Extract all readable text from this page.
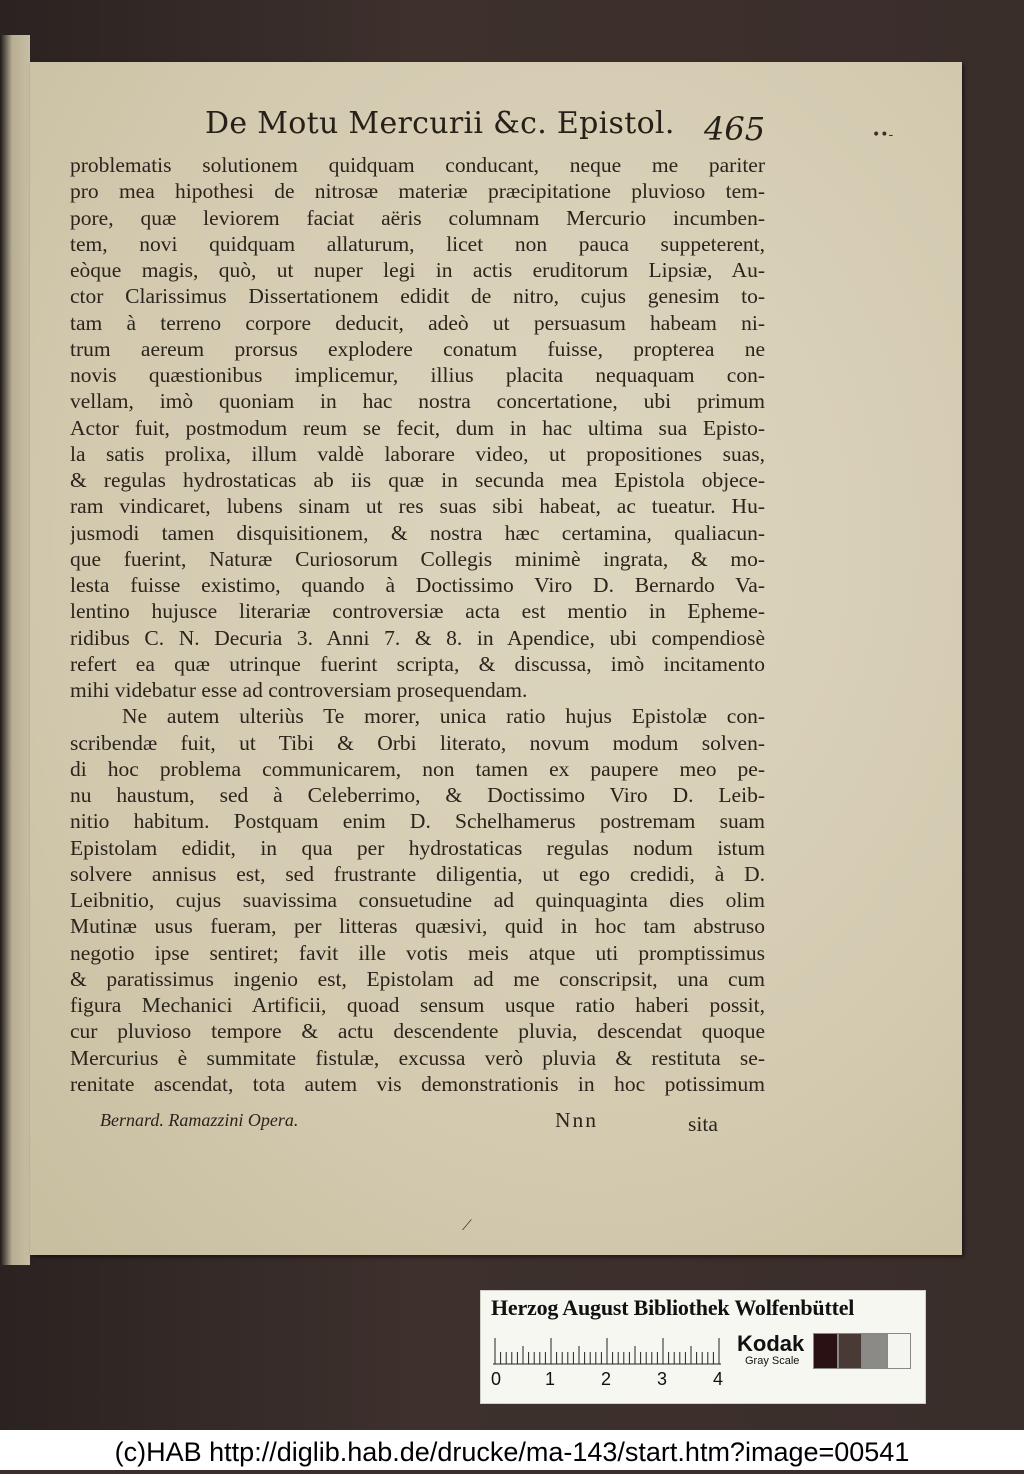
De Motu Mercurii &c. Epistol. 465	••-
problematis solutionem quidquam conducant, neque me pariter
pro mea hipothesi de nitrosæ materiæ præcipitatione pluvioso tem-
pore, quæ leviorem faciat aëris columnam Mercurio incumben-
tem, novi quidquam allaturum, licet non pauca suppeterent,
eòque magis, quò, ut nuper legi in actis eruditorum Lipsiæ, Au-
ctor Clarissimus Dissertationem edidit de nitro, cujus genesim to-
tam à terreno corpore deducit, adeò ut persuasum habeam ni-
trum aereum prorsus explodere conatum fuisse, propterea ne
novis quæstionibus implicemur, illius placita nequaquam con-
vellam, imò quoniam in hac nostra concertatione, ubi primum
Actor fuit, postmodum reum se fecit, dum in hac ultima sua Episto-
la satis prolixa, illum valdè laborare video, ut propositiones suas,
& regulas hydrostaticas ab iis quæ in secunda mea Epistola objece-
ram vindicaret, lubens sinam ut res suas sibi habeat, ac tueatur. Hu-
jusmodi tamen disquisitionem, & nostra hæc certamina, qualiacun-
que fuerint, Naturæ Curiosorum Collegis minimè ingrata, & mo-
lesta fuisse existimo, quando à Doctissimo Viro D. Bernardo Va-
lentino hujusce literariæ controversiæ acta est mentio in Epheme-
ridibus C. N. Decuria 3. Anni 7. & 8. in Apendice, ubi compendiosè
refert ea quæ utrinque fuerint scripta, & discussa, imò incitamento
mihi videbatur esse ad controversiam prosequendam.
Ne autem ulteriùs Te morer, unica ratio hujus Epistolæ con-
scribendæ fuit, ut Tibi & Orbi literato, novum modum solven-
di hoc problema communicarem, non tamen ex paupere meo pe-
nu haustum, sed à Celeberrimo, & Doctissimo Viro D. Leib-
nitio habitum. Postquam enim D. Schelhamerus postremam suam
Epistolam edidit, in qua per hydrostaticas regulas nodum istum
solvere annisus est, sed frustrante diligentia, ut ego credidi, à D.
Leibnitio, cujus suavissima consuetudine ad quinquaginta dies olim
Mutinæ usus fueram, per litteras quæsivi, quid in hoc tam abstruso
negotio ipse sentiret; favit ille votis meis atque uti promptissimus
& paratissimus ingenio est, Epistolam ad me conscripsit, una cum
figura Mechanici Artificii, quoad sensum usque ratio haberi possit,
cur pluvioso tempore & actu descendente pluvia, descendat quoque
Mercurius è summitate fistulæ, excussa verò pluvia & restituta se-
renitate ascendat, tota autem vis demonstrationis in hoc potissimum
Bernard. Ramazzini Opera.	Nnn	sita
⟋
Herzog August Bibliothek Wolfenbüttel
0 1	2	3	4
Kodak
Gray Scale
(c)HAB http://diglib.hab.de/drucke/ma-143/start.htm?image=00541
